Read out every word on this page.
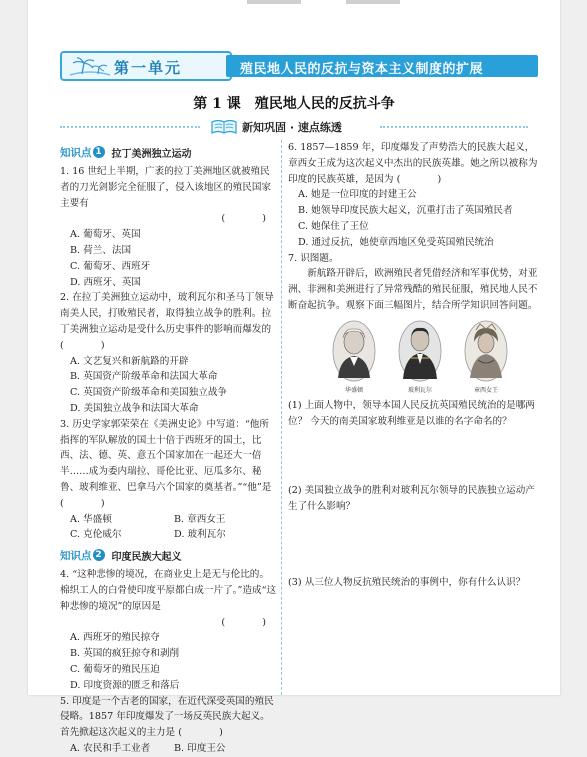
第一单元	殖民地人民的反抗与资本主义制度的扩展
第 1 课　殖民地人民的反抗斗争
新知巩固 · 速点练透
知识点 1 拉丁美洲独立运动
1. 16 世纪上半期，广袤的拉丁美洲地区就被殖民者的刀光剑影完全征服了，侵入该地区的殖民国家主要有
(　　)
A. 葡萄牙、英国
B. 荷兰、法国
C. 葡萄牙、西班牙
D. 西班牙、英国
2. 在拉丁美洲独立运动中，玻利瓦尔和圣马丁领导南美人民，打败殖民者，取得独立战争的胜利。拉丁美洲独立运动是受什么历史事件的影响而爆发的 (　　)
A. 文艺复兴和新航路的开辟
B. 英国资产阶级革命和法国大革命
C. 英国资产阶级革命和美国独立战争
D. 美国独立战争和法国大革命
3. 历史学家郭荣荣在《美洲史论》中写道：“他所指挥的军队解放的国土十倍于西班牙的国土，比西、法、德、英、意五个国家加在一起还大一倍半……成为委内瑞拉、哥伦比亚、厄瓜多尔、秘鲁、玻利维亚、巴拿马六个国家的奠基者。”“他”是 (　　)
A. 华盛顿	B. 章西女王
C. 克伦威尔	D. 玻利瓦尔
知识点 2 印度民族大起义
4. “这种悲惨的境况，在商业史上是无与伦比的。棉织工人的白骨使印度平原都白成一片了。”造成“这种悲惨的境况”的原因是
(　　)
A. 西班牙的殖民掠夺
B. 英国的疯狂掠夺和剥削
C. 葡萄牙的殖民压迫
D. 印度资源的匮乏和落后
5. 印度是一个古老的国家，在近代深受英国的殖民侵略。1857 年印度爆发了一场反英民族大起义。首先掀起这次起义的主力是 (　　)
A. 农民和手工业者	B. 印度王公
6. 1857—1859 年，印度爆发了声势浩大的民族大起义，章西女王成为这次起义中杰出的民族英雄。她之所以被称为印度的民族英雄，是因为 (　　)
A. 她是一位印度的封建王公
B. 她领导印度民族大起义，沉重打击了英国殖民者
C. 她保住了王位
D. 通过反抗，她使章西地区免受英国殖民统治
7. 识图题。
新航路开辟后，欧洲殖民者凭借经济和军事优势，对亚洲、非洲和美洲进行了异常残酷的殖民征服，殖民地人民不断奋起抗争。观察下面三幅图片，结合所学知识回答问题。
华盛顿	玻利瓦尔	章西女王
(1) 上面人物中，领导本国人民反抗英国殖民统治的是哪两位？ 今天的南美国家玻利维亚是以谁的名字命名的？
(2) 美国独立战争的胜利对玻利瓦尔领导的民族独立运动产生了什么影响？
(3) 从三位人物反抗殖民统治的事例中，你有什么认识？
